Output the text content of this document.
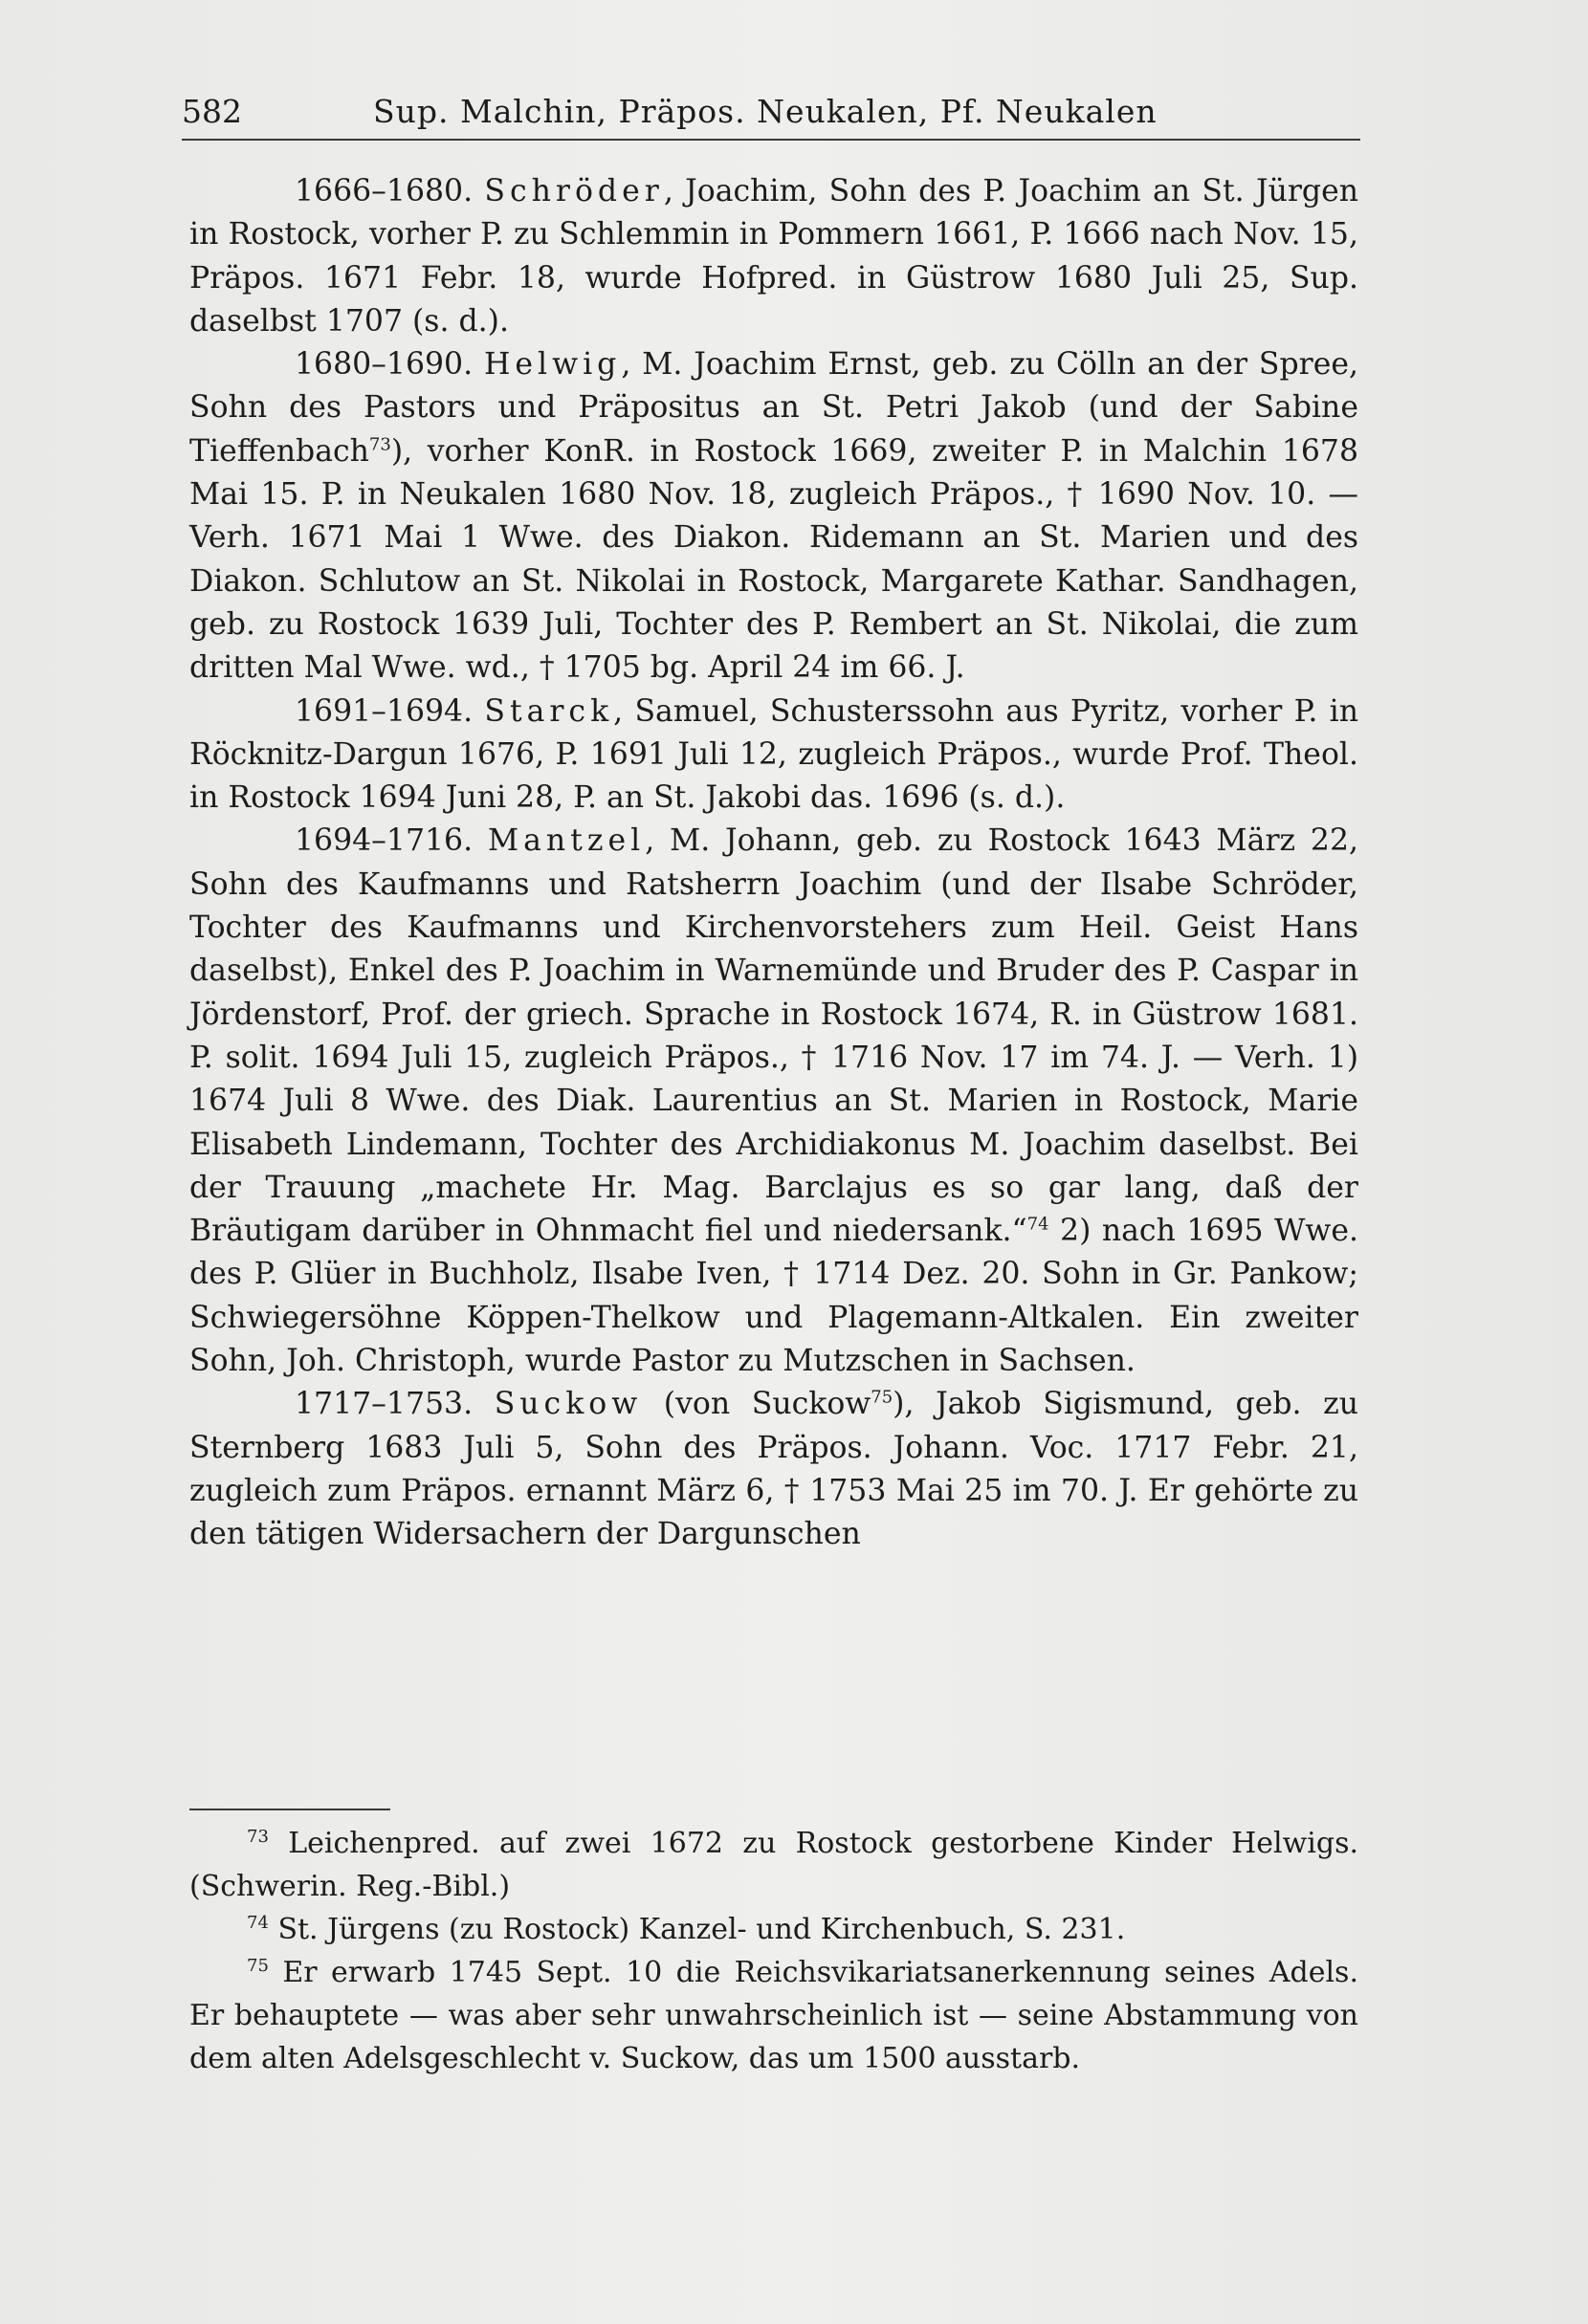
582	Sup. Malchin, Präpos. Neukalen, Pf. Neukalen

1666–1680. Schröder, Joachim, Sohn des P. Joachim an St. Jürgen in Rostock, vorher P. zu Schlemmin in Pommern 1661, P. 1666 nach Nov. 15, Präpos. 1671 Febr. 18, wurde Hofpred. in Güstrow 1680 Juli 25, Sup. daselbst 1707 (s. d.).

1680–1690. Helwig, M. Joachim Ernst, geb. zu Cölln an der Spree, Sohn des Pastors und Präpositus an St. Petri Jakob (und der Sabine Tieffenbach$^{73}$), vorher KonR. in Rostock 1669, zweiter P. in Malchin 1678 Mai 15. P. in Neukalen 1680 Nov. 18, zugleich Präpos., † 1690 Nov. 10. — Verh. 1671 Mai 1 Wwe. des Diakon. Ridemann an St. Marien und des Diakon. Schlutow an St. Nikolai in Rostock, Margarete Kathar. Sandhagen, geb. zu Rostock 1639 Juli, Tochter des P. Rembert an St. Nikolai, die zum dritten Mal Wwe. wd., † 1705 bg. April 24 im 66. J.

1691–1694. Starck, Samuel, Schusterssohn aus Pyritz, vorher P. in Röcknitz-Dargun 1676, P. 1691 Juli 12, zugleich Präpos., wurde Prof. Theol. in Rostock 1694 Juni 28, P. an St. Jakobi das. 1696 (s. d.).

1694–1716. Mantzel, M. Johann, geb. zu Rostock 1643 März 22, Sohn des Kaufmanns und Ratsherrn Joachim (und der Ilsabe Schröder, Tochter des Kaufmanns und Kirchenvorstehers zum Heil. Geist Hans daselbst), Enkel des P. Joachim in Warnemünde und Bruder des P. Caspar in Jördenstorf, Prof. der griech. Sprache in Rostock 1674, R. in Güstrow 1681. P. solit. 1694 Juli 15, zugleich Präpos., † 1716 Nov. 17 im 74. J. — Verh. 1) 1674 Juli 8 Wwe. des Diak. Laurentius an St. Marien in Rostock, Marie Elisabeth Lindemann, Tochter des Archidiakonus M. Joachim daselbst. Bei der Trauung „machete Hr. Mag. Barclajus es so gar lang, daß der Bräutigam darüber in Ohnmacht fiel und niedersank.“$^{74}$ 2) nach 1695 Wwe. des P. Glüer in Buchholz, Ilsabe Iven, † 1714 Dez. 20. Sohn in Gr. Pankow; Schwiegersöhne Köppen-Thelkow und Plagemann-Altkalen. Ein zweiter Sohn, Joh. Christoph, wurde Pastor zu Mutzschen in Sachsen.

1717–1753. Suckow (von Suckow$^{75}$), Jakob Sigismund, geb. zu Sternberg 1683 Juli 5, Sohn des Präpos. Johann. Voc. 1717 Febr. 21, zugleich zum Präpos. ernannt März 6, † 1753 Mai 25 im 70. J. Er gehörte zu den tätigen Widersachern der Dargunschen

$^{73}$ Leichenpred. auf zwei 1672 zu Rostock gestorbene Kinder Helwigs. (Schwerin. Reg.-Bibl.)

$^{74}$ St. Jürgens (zu Rostock) Kanzel- und Kirchenbuch, S. 231.

$^{75}$ Er erwarb 1745 Sept. 10 die Reichsvikariatsanerkennung seines Adels. Er behauptete — was aber sehr unwahrscheinlich ist — seine Abstammung von dem alten Adelsgeschlecht v. Suckow, das um 1500 ausstarb.
